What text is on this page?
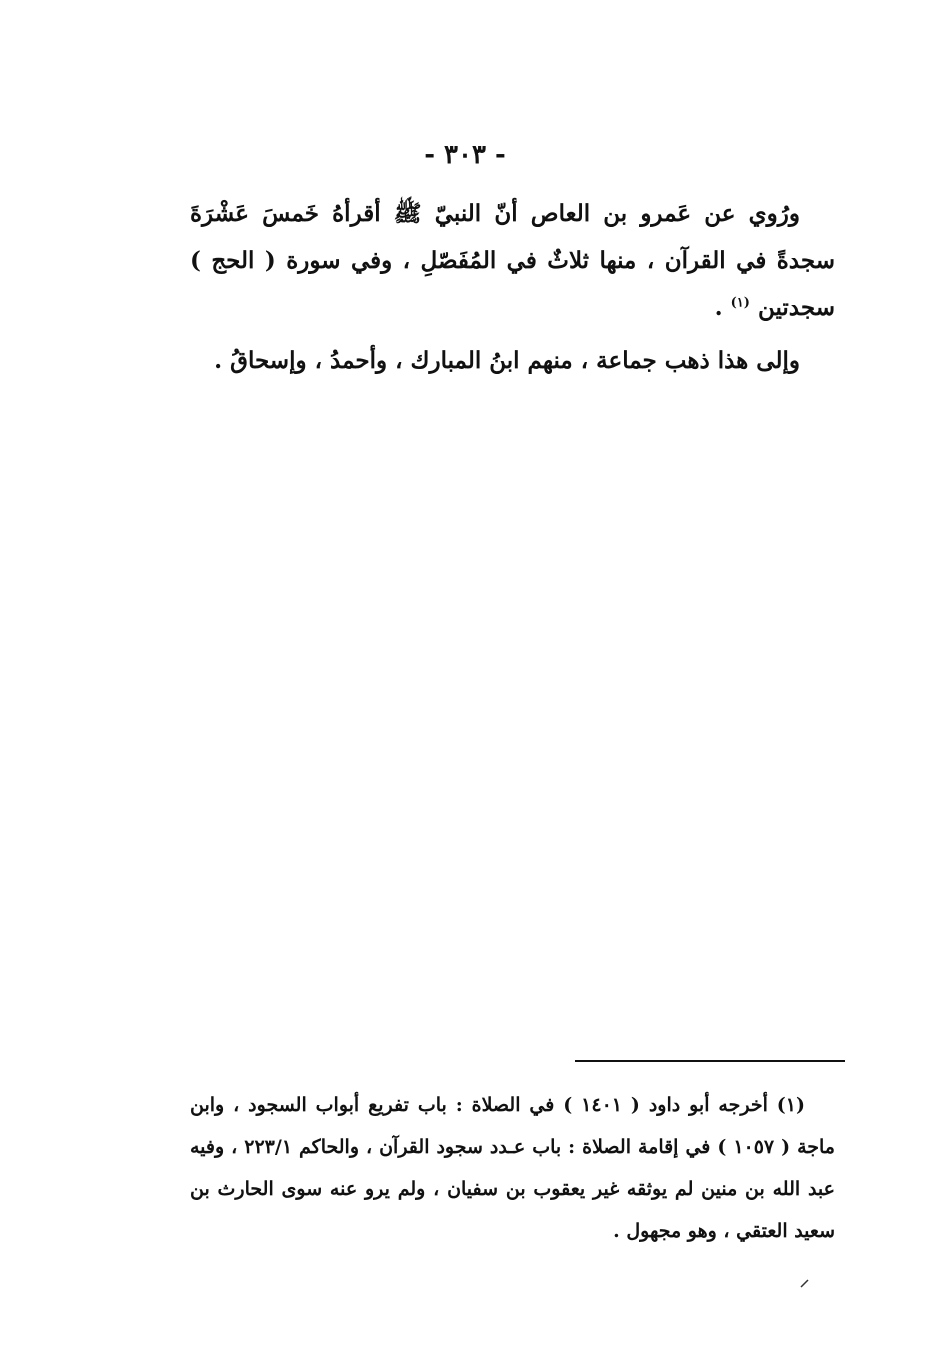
- ٣٠٣ -

ورُوي عن عَمرو بن العاص أنّ النبيّ ﷺ أقرأهُ خَمسَ عَشْرَةَ سجدةً في القرآن ، منها ثلاثٌ في المُفَصّلِ ، وفي سورة ( الحج ) سجدتين $^{(١)}$ .

وإلى هذا ذهب جماعة ، منهم ابنُ المبارك ، وأحمدُ ، وإسحاقُ .

(١) أخرجه أبو داود ( ١٤٠١ ) في الصلاة : باب تفريع أبواب السجود ، وابن ماجة ( ١٠٥٧ ) في إقامة الصلاة : باب عـدد سجود القرآن ، والحاكم ٢٢٣/١ ، وفيه عبد الله بن منين لم يوثقه غير يعقوب بن سفيان ، ولم يرو عنه سوى الحارث بن سعيد العتقي ، وهو مجهول .
